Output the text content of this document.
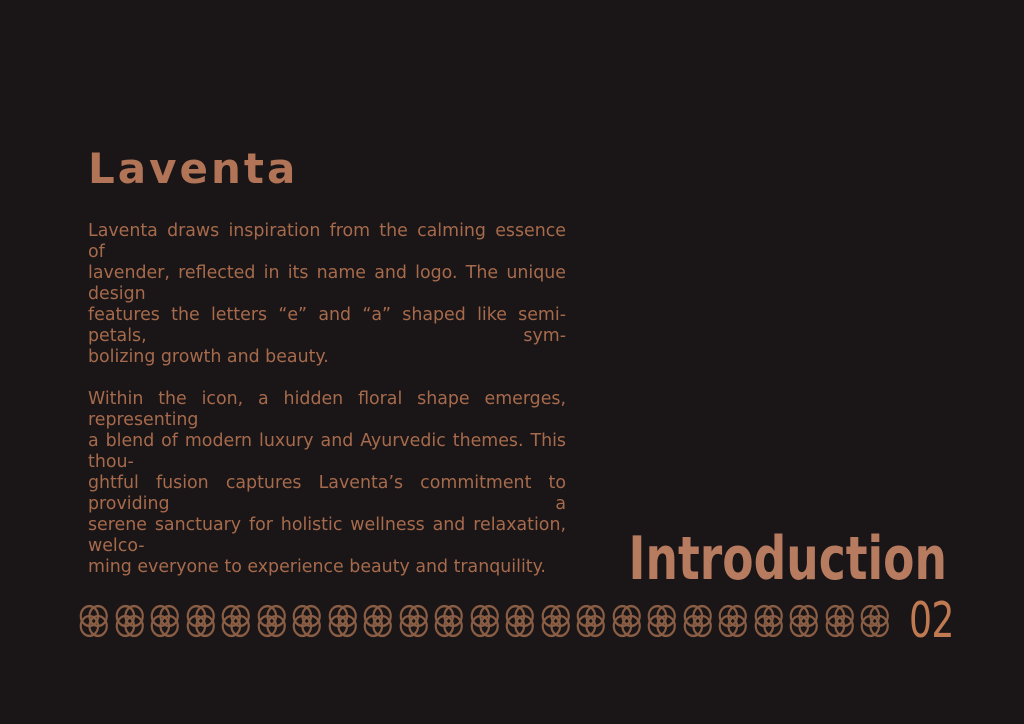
Laventa
Laventa draws inspiration from the calming essence of
lavender, reflected in its name and logo. The unique design
features the letters “e” and “a” shaped like semi-petals, sym-
bolizing growth and beauty.
Within the icon, a hidden floral shape emerges, representing
a blend of modern luxury and Ayurvedic themes. This thou-
ghtful fusion captures Laventa’s commitment to providing a
serene sanctuary for holistic wellness and relaxation, welco-
ming everyone to experience beauty and tranquility.	Introduction
02
